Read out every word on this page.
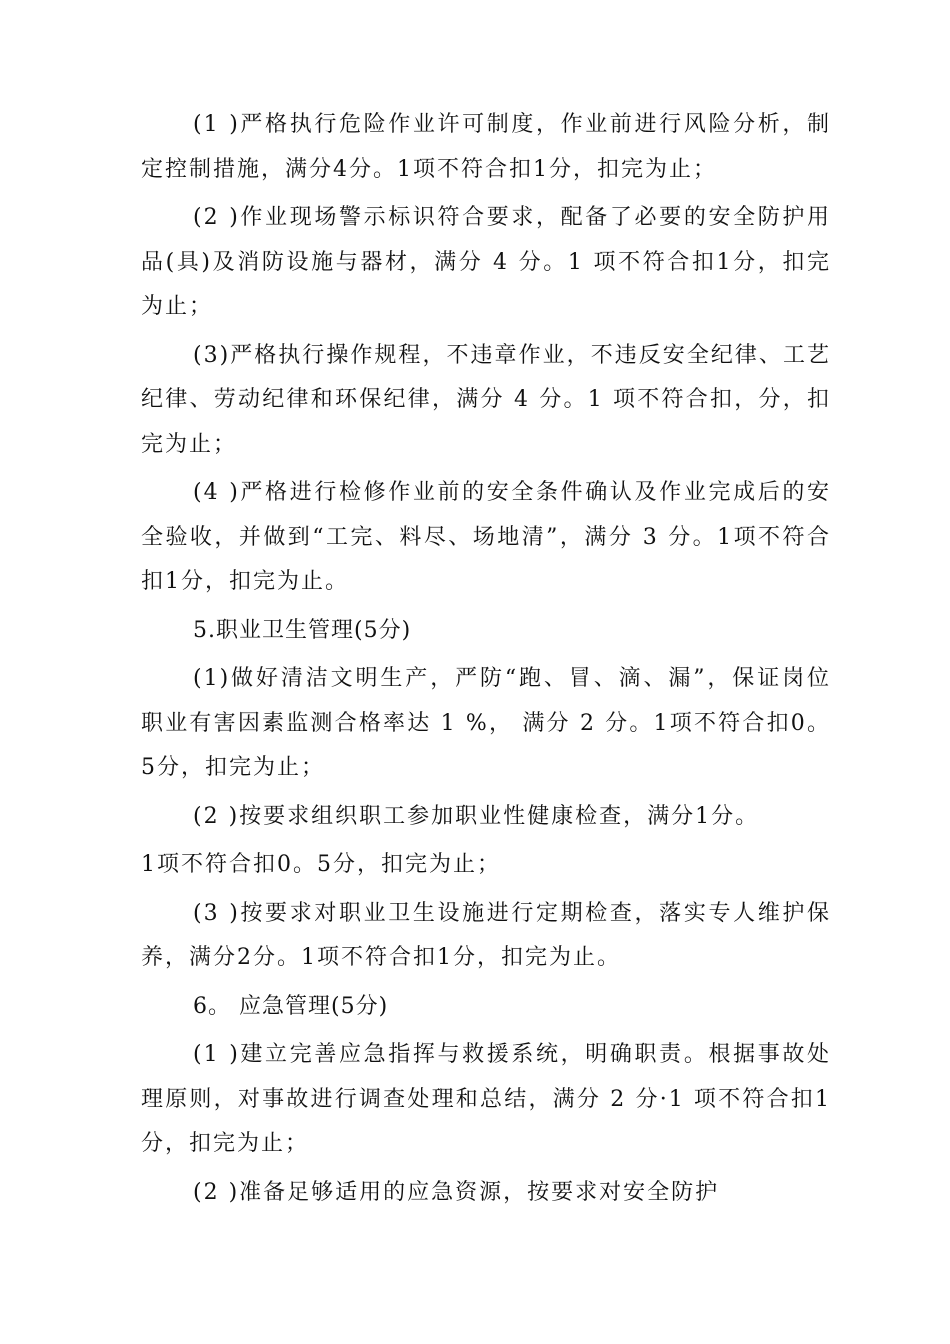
(1 )严格执行危险作业许可制度，作业前进行风险分析，制定控制措施，满分4分。1项不符合扣1分，扣完为止；

(2 )作业现场警示标识符合要求，配备了必要的安全防护用品(具)及消防设施与器材，满分 4 分。1 项不符合扣1分，扣完为止；

(3)严格执行操作规程，不违章作业，不违反安全纪律、工艺纪律、劳动纪律和环保纪律，满分 4 分。1 项不符合扣，分，扣完为止；

(4 )严格进行检修作业前的安全条件确认及作业完成后的安全验收，并做到“工完、料尽、场地清”，满分 3 分。1项不符合扣1分，扣完为止。

5.职业卫生管理(5分)

(1)做好清洁文明生产，严防“跑、冒、滴、漏”，保证岗位职业有害因素监测合格率达 1 %， 满分 2 分。1项不符合扣0。5分，扣完为止；

(2 )按要求组织职工参加职业性健康检查，满分1分。

1项不符合扣0。5分，扣完为止；

(3 )按要求对职业卫生设施进行定期检查，落实专人维护保养，满分2分。1项不符合扣1分，扣完为止。

6。 应急管理(5分)

(1 )建立完善应急指挥与救援系统，明确职责。根据事故处理原则，对事故进行调查处理和总结，满分 2 分·1 项不符合扣1分，扣完为止；

(2 )准备足够适用的应急资源，按要求对安全防护
